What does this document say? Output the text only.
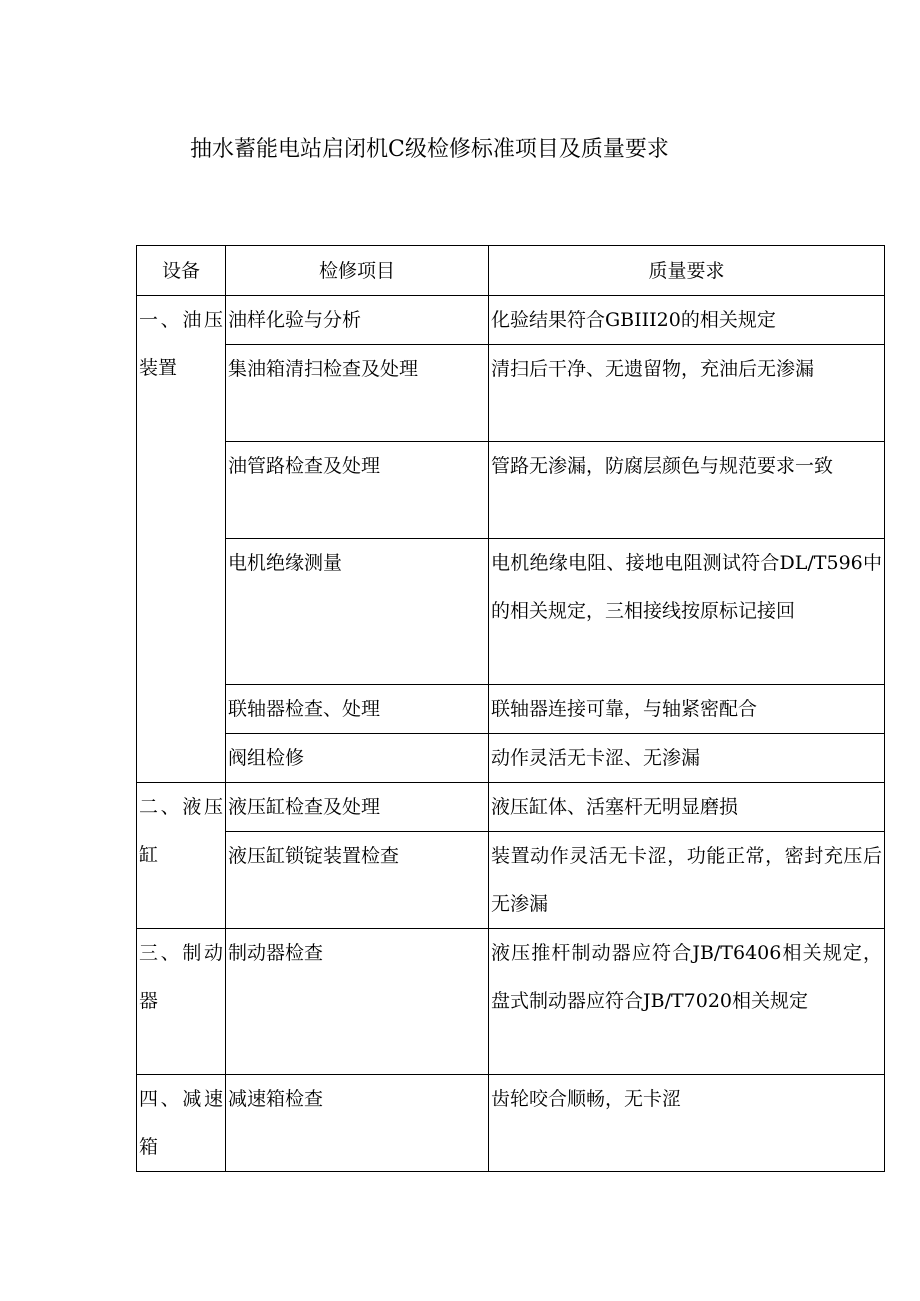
抽水蓄能电站启闭机C级检修标准项目及质量要求
设备	检修项目	质量要求
一、油压装置	油样化验与分析	化验结果符合GBIII20的相关规定
	集油箱清扫检查及处理	清扫后干净、无遗留物，充油后无渗漏
	油管路检查及处理	管路无渗漏，防腐层颜色与规范要求一致
	电机绝缘测量	电机绝缘电阻、接地电阻测试符合DL/T596中的相关规定，三相接线按原标记接回
	联轴器检查、处理	联轴器连接可靠，与轴紧密配合
	阀组检修	动作灵活无卡涩、无渗漏
二、液压缸	液压缸检查及处理	液压缸体、活塞杆无明显磨损
	液压缸锁锭装置检查	装置动作灵活无卡涩，功能正常，密封充压后无渗漏
三、制动器	制动器检查	液压推杆制动器应符合JB/T6406相关规定，盘式制动器应符合JB/T7020相关规定
四、减速箱	减速箱检查	齿轮咬合顺畅，无卡涩
